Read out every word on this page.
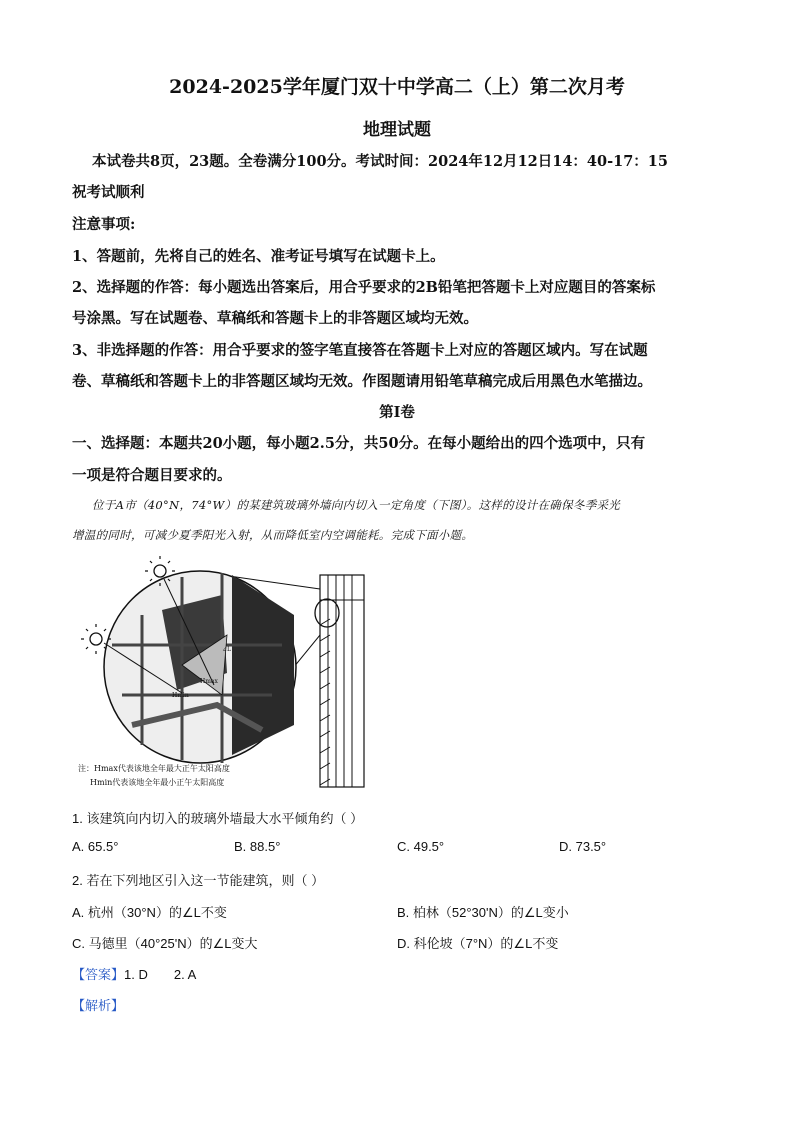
2024-2025学年厦门双十中学高二（上）第二次月考
地理试题
本试卷共8页，23题。全卷满分100分。考试时间：2024年12月12日14：40-17：15
祝考试顺利
注意事项:
1、答题前，先将自己的姓名、准考证号填写在试题卡上。
2、选择题的作答：每小题选出答案后，用合乎要求的2B铅笔把答题卡上对应题目的答案标
号涂黑。写在试题卷、草稿纸和答题卡上的非答题区域均无效。
3、非选择题的作答：用合乎要求的签字笔直接答在答题卡上对应的答题区域内。写在试题
卷、草稿纸和答题卡上的非答题区域均无效。作图题请用铅笔草稿完成后用黑色水笔描边。
第Ⅰ卷
一、选择题：本题共20小题，每小题2.5分，共50分。在每小题给出的四个选项中，只有
一项是符合题目要求的。
位于A市（40°N，74°W）的某建筑玻璃外墙向内切入一定角度（下图）。这样的设计在确保冬季采光
增温的同时，可减少夏季阳光入射，从而降低室内空调能耗。完成下面小题。
Hmax
Hmin
∠L
注：Hmax代表该地全年最大正午太阳高度
Hmin代表该地全年最小正午太阳高度
1. 该建筑向内切入的玻璃外墙最大水平倾角约（ ）
A. 65.5°	B. 88.5°	C. 49.5°	D. 73.5°
2. 若在下列地区引入这一节能建筑，则（ ）
A. 杭州（30°N）的∠L不变	B. 柏林（52°30'N）的∠L变小
C. 马德里（40°25'N）的∠L变大	D. 科伦坡（7°N）的∠L不变
【答案】1. D 2. A
【解析】
